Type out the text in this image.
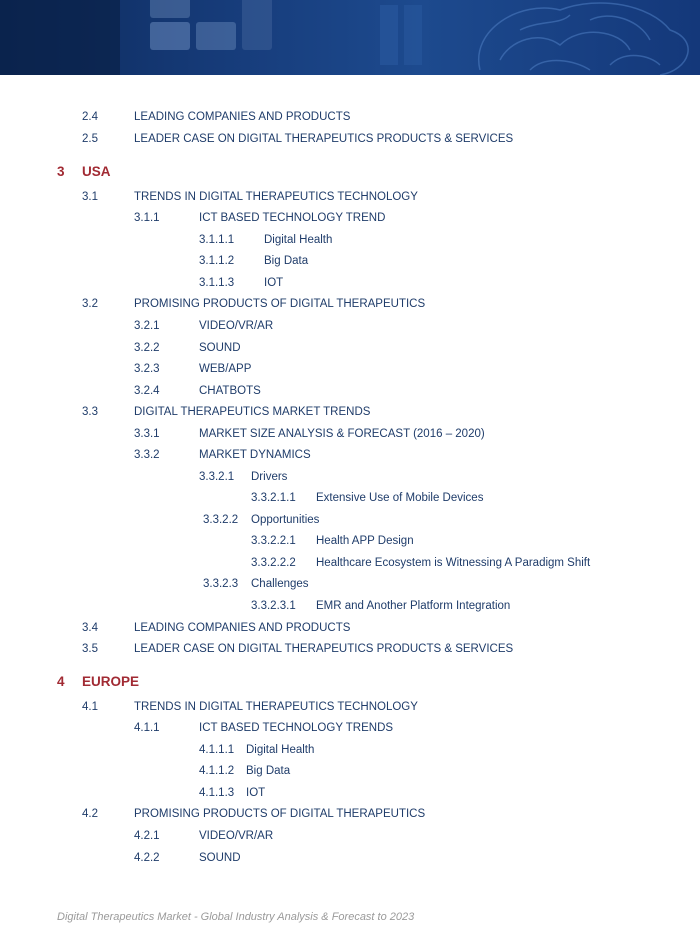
2.4	LEADING COMPANIES AND PRODUCTS
2.5	LEADER CASE ON DIGITAL THERAPEUTICS PRODUCTS & SERVICES
3 USA
3.1	TRENDS IN DIGITAL THERAPEUTICS TECHNOLOGY
3.1.1	ICT BASED TECHNOLOGY TREND
3.1.1.1	Digital Health
3.1.1.2	Big Data
3.1.1.3	IOT
3.2	PROMISING PRODUCTS OF DIGITAL THERAPEUTICS
3.2.1	VIDEO/VR/AR
3.2.2	SOUND
3.2.3	WEB/APP
3.2.4	CHATBOTS
3.3	DIGITAL THERAPEUTICS MARKET TRENDS
3.3.1	MARKET SIZE ANALYSIS & FORECAST (2016 – 2020)
3.3.2	MARKET DYNAMICS
3.3.2.1 Drivers
3.3.2.1.1 Extensive Use of Mobile Devices
3.3.2.2 Opportunities
3.3.2.2.1 Health APP Design
3.3.2.2.2 Healthcare Ecosystem is Witnessing A Paradigm Shift
3.3.2.3 Challenges
3.3.2.3.1 EMR and Another Platform Integration
3.4	LEADING COMPANIES AND PRODUCTS
3.5	LEADER CASE ON DIGITAL THERAPEUTICS PRODUCTS & SERVICES
4 EUROPE
4.1	TRENDS IN DIGITAL THERAPEUTICS TECHNOLOGY
4.1.1	ICT BASED TECHNOLOGY TRENDS
4.1.1.1 Digital Health
4.1.1.2 Big Data
4.1.1.3 IOT
4.2	PROMISING PRODUCTS OF DIGITAL THERAPEUTICS
4.2.1	VIDEO/VR/AR
4.2.2	SOUND
Digital Therapeutics Market - Global Industry Analysis & Forecast to 2023
